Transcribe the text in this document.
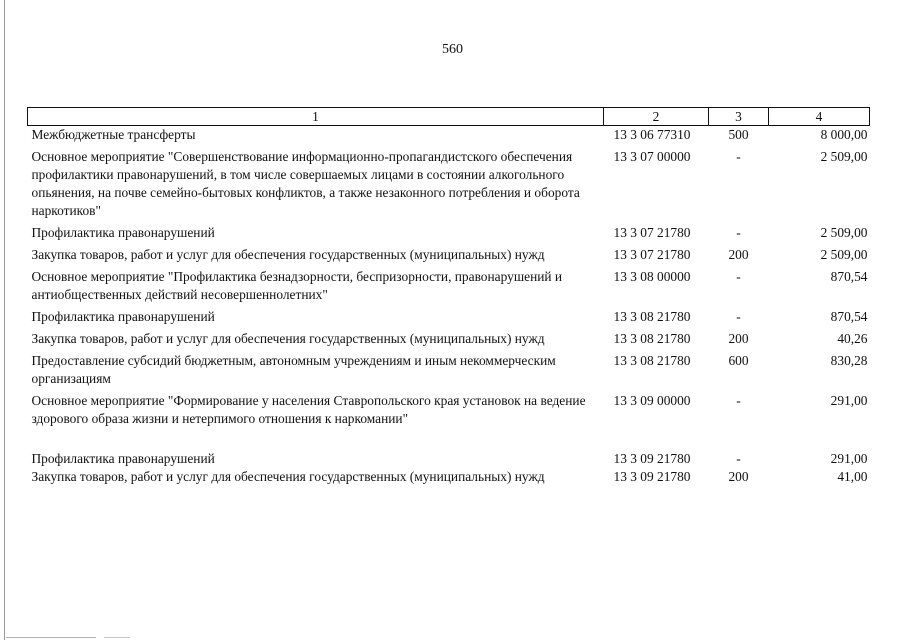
560
1	2	3	4
Межбюджетные трансферты	13 3 06 77310	500	8 000,00
Основное мероприятие "Совершенствование информационно-пропагандистского обеспечения профилактики правонарушений, в том числе совершаемых лицами в состоянии алкогольного опьянения, на почве семейно-бытовых конфликтов, а также незаконного потребления и оборота наркотиков"	13 3 07 00000	-	2 509,00
Профилактика правонарушений	13 3 07 21780	-	2 509,00
Закупка товаров, работ и услуг для обеспечения государственных (муниципальных) нужд	13 3 07 21780	200	2 509,00
Основное мероприятие "Профилактика безнадзорности, беспризорности, правонарушений и антиобщественных действий несовершеннолетних"	13 3 08 00000	-	870,54
Профилактика правонарушений	13 3 08 21780	-	870,54
Закупка товаров, работ и услуг для обеспечения государственных (муниципальных) нужд	13 3 08 21780	200	40,26
Предоставление субсидий бюджетным, автономным учреждениям и иным некоммерческим организациям	13 3 08 21780	600	830,28
Основное мероприятие "Формирование у населения Ставропольского края установок на ведение здорового образа жизни и нетерпимого отношения к наркомании"	13 3 09 00000	-	291,00
Профилактика правонарушений	13 3 09 21780	-	291,00
Закупка товаров, работ и услуг для обеспечения государственных (муниципальных) нужд	13 3 09 21780	200	41,00
